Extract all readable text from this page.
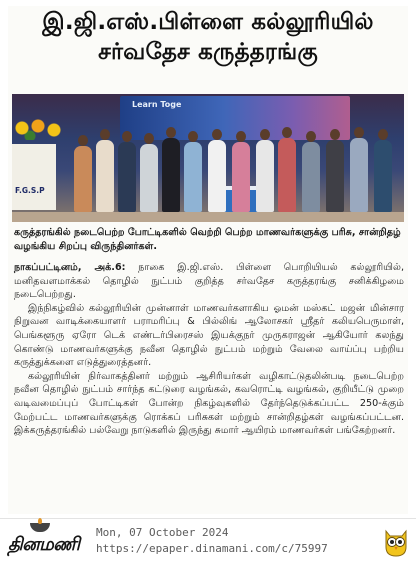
இ.ஜி.எஸ்.பிள்ளை கல்லூரியில்
சர்வதேச கருத்தரங்கு
Learn Toge
F.G.S.P

கருத்தரங்கில் நடைபெற்ற போட்டிகளில் வெற்றி பெற்ற மாணவர்களுக்கு பரிசு, சான்றிதழ் வழங்கிய சிறப்பு விருந்தினர்கள்.

நாகப்பட்டினம், அக்.6: நாகை இ.ஜி.எஸ். பிள்ளை பொறியியல் கல்லூரியில், மனிதவளமாக்கல் தொழில் நுட்பம் குறித்த சர்வதேச கருத்தரங்கு சனிக்கிழமை நடைபெற்றது.

இந்நிகழ்வில் கல்லூரியின் முன்னாள் மாணவர்களாகிய ஓமன் மஸ்கட் மஜன் மின்சார நிறுவன வாடிக்கையாளர் பராமரிப்பு & பில்லிங் ஆலோசகர் ஸ்ரீதர் கலியபெருமாள், பெங்களூரு ஏரோ டெக் எண்டர்பிரைசஸ் இயக்குநர் முருகராஜன் ஆகியோர் கலந்து கொண்டு மாணவர்களுக்கு நவீன தொழில் நுட்பம் மற்றும் வேலை வாய்ப்பு பற்றிய கருத்துக்களை எடுத்துரைத்தனர்.

கல்லூரியின் நிர்வாகத்தினர் மற்றும் ஆசிரியர்கள் வழிகாட்டுதலின்படி நடைபெற்ற நவீன தொழில் நுட்பம் சார்ந்த கட்டுரை வழங்கல், கவரொட்டி வழங்கல், குறியீட்டு முறை வடிவமைப்புப் போட்டிகள் போன்ற நிகழ்வுகளில் தேர்ந்தெடுக்கப்பட்ட 250-க்கும் மேற்பட்ட மாணவர்களுக்கு ரொக்கப் பரிசுகள் மற்றும் சான்றிதழ்கள் வழங்கப்பட்டன. இக்கருத்தரங்கில் பல்வேறு நாடுகளில் இருந்து சுமார் ஆயிரம் மாணவர்கள் பங்கேற்றனர்.

தினமணி
Mon, 07 October 2024
https://epaper.dinamani.com/c/75997
